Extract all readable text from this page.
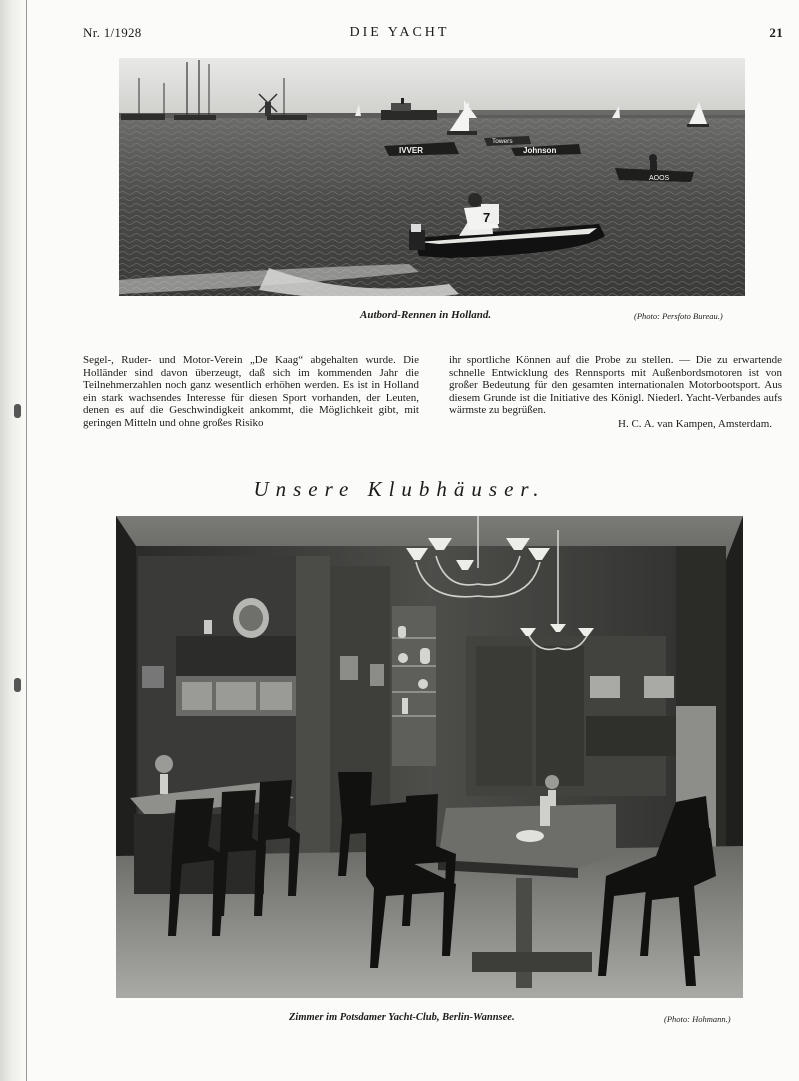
Nr. 1/1928	DIE YACHT	21
IVVER
Towers
Johnson
AOOS
7
Autbord-Rennen in Holland.	(Photo: Persfoto Bureau.)

Segel-, Ruder- und Motor-Verein „De Kaag“ abgehalten wurde. Die Holländer sind davon überzeugt, daß sich im kommenden Jahr die Teilnehmerzahlen noch ganz wesentlich erhöhen werden. Es ist in Holland ein stark wachsendes Interesse für diesen Sport vorhanden, der Leuten, denen es auf die Geschwindigkeit ankommt, die Möglichkeit gibt, mit geringen Mitteln und ohne großes Risiko

ihr sportliche Können auf die Probe zu stellen. — Die zu erwartende schnelle Entwicklung des Rennsports mit Außenbordsmotoren ist von großer Bedeutung für den gesamten internationalen Motorbootsport. Aus diesem Grunde ist die Initiative des Königl. Niederl. Yacht-Verbandes aufs wärmste zu begrüßen.

H. C. A. van Kampen, Amsterdam.

Unsere Klubhäuser.
Zimmer im Potsdamer Yacht-Club, Berlin-Wannsee.	(Photo: Hohmann.)
